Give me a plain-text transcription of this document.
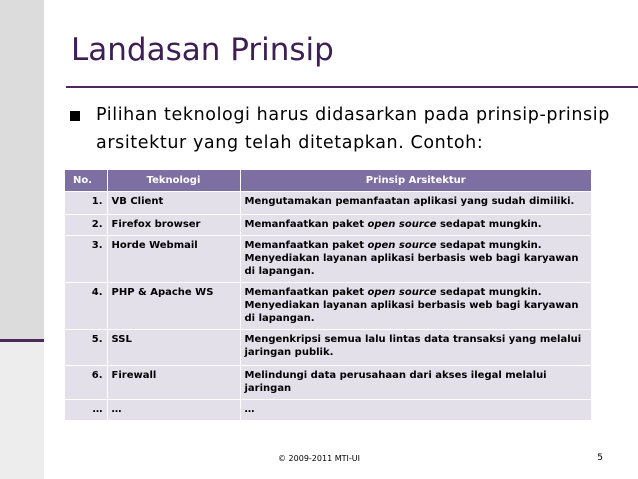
Landasan Prinsip
Pilihan teknologi harus didasarkan pada prinsip-prinsip arsitektur yang telah ditetapkan. Contoh:
No.	Teknologi	Prinsip Arsitektur
1.	VB Client	Mengutamakan pemanfaatan aplikasi yang sudah dimiliki.
2.	Firefox browser	Memanfaatkan paket open source sedapat mungkin.
3.	Horde Webmail	Memanfaatkan paket open source sedapat mungkin. Menyediakan layanan aplikasi berbasis web bagi karyawan di lapangan.
4.	PHP & Apache WS	Memanfaatkan paket open source sedapat mungkin. Menyediakan layanan aplikasi berbasis web bagi karyawan di lapangan.
5.	SSL	Mengenkripsi semua lalu lintas data transaksi yang melalui jaringan publik.
6.	Firewall	Melindungi data perusahaan dari akses ilegal melalui jaringan
…	…	…
© 2009-2011 MTI-UI	5
